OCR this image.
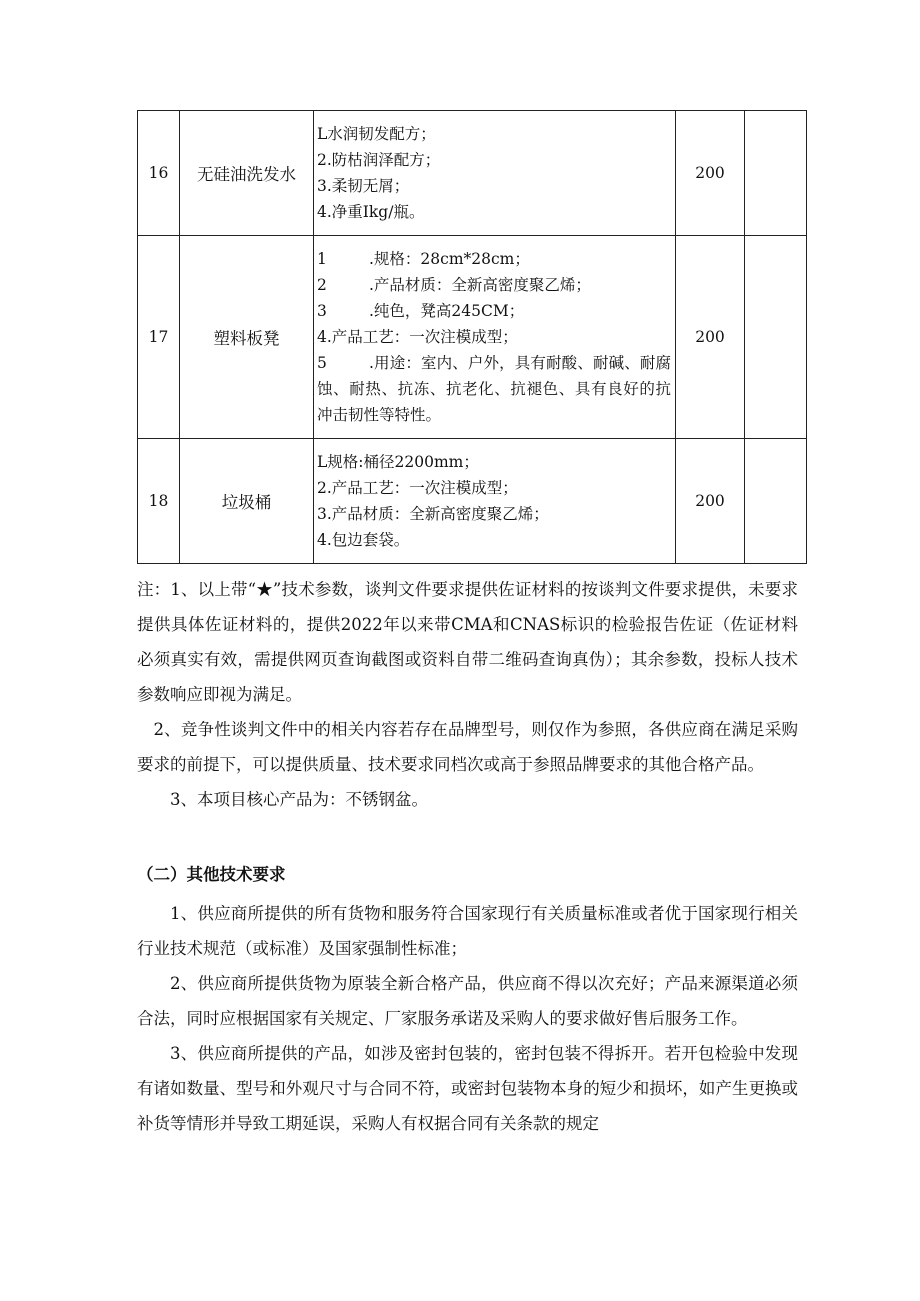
16	无硅油洗发水	L水润韧发配方；
2.防枯润泽配方；
3.柔韧无屑；
4.净重Ikg/瓶。	200	
17	塑料板凳	1 .规格：28cm*28cm；
2 .产品材质：全新高密度聚乙烯；
3 .纯色，凳高245CM；
4.产品工艺：一次注模成型；
5 .用途：室内、户外，具有耐酸、耐碱、耐腐蚀、耐热、抗冻、抗老化、抗褪色、具有良好的抗冲击韧性等特性。	200	
18	垃圾桶	L规格:桶径2200mm；
2.产品工艺：一次注模成型；
3.产品材质：全新高密度聚乙烯；
4.包边套袋。	200	

注：1、以上带“★”技术参数，谈判文件要求提供佐证材料的按谈判文件要求提供，未要求提供具体佐证材料的，提供2022年以来带CMA和CNAS标识的检验报告佐证（佐证材料必须真实有效，需提供网页查询截图或资料自带二维码查询真伪）；其余参数，投标人技术参数响应即视为满足。

2、竞争性谈判文件中的相关内容若存在品牌型号，则仅作为参照，各供应商在满足采购要求的前提下，可以提供质量、技术要求同档次或高于参照品牌要求的其他合格产品。

3、本项目核心产品为：不锈钢盆。

（二）其他技术要求

1、供应商所提供的所有货物和服务符合国家现行有关质量标准或者优于国家现行相关行业技术规范（或标准）及国家强制性标准；

2、供应商所提供货物为原装全新合格产品，供应商不得以次充好；产品来源渠道必须合法，同时应根据国家有关规定、厂家服务承诺及采购人的要求做好售后服务工作。

3、供应商所提供的产品，如涉及密封包装的，密封包装不得拆开。若开包检验中发现有诸如数量、型号和外观尺寸与合同不符，或密封包装物本身的短少和损坏，如产生更换或补货等情形并导致工期延误，采购人有权据合同有关条款的规定
